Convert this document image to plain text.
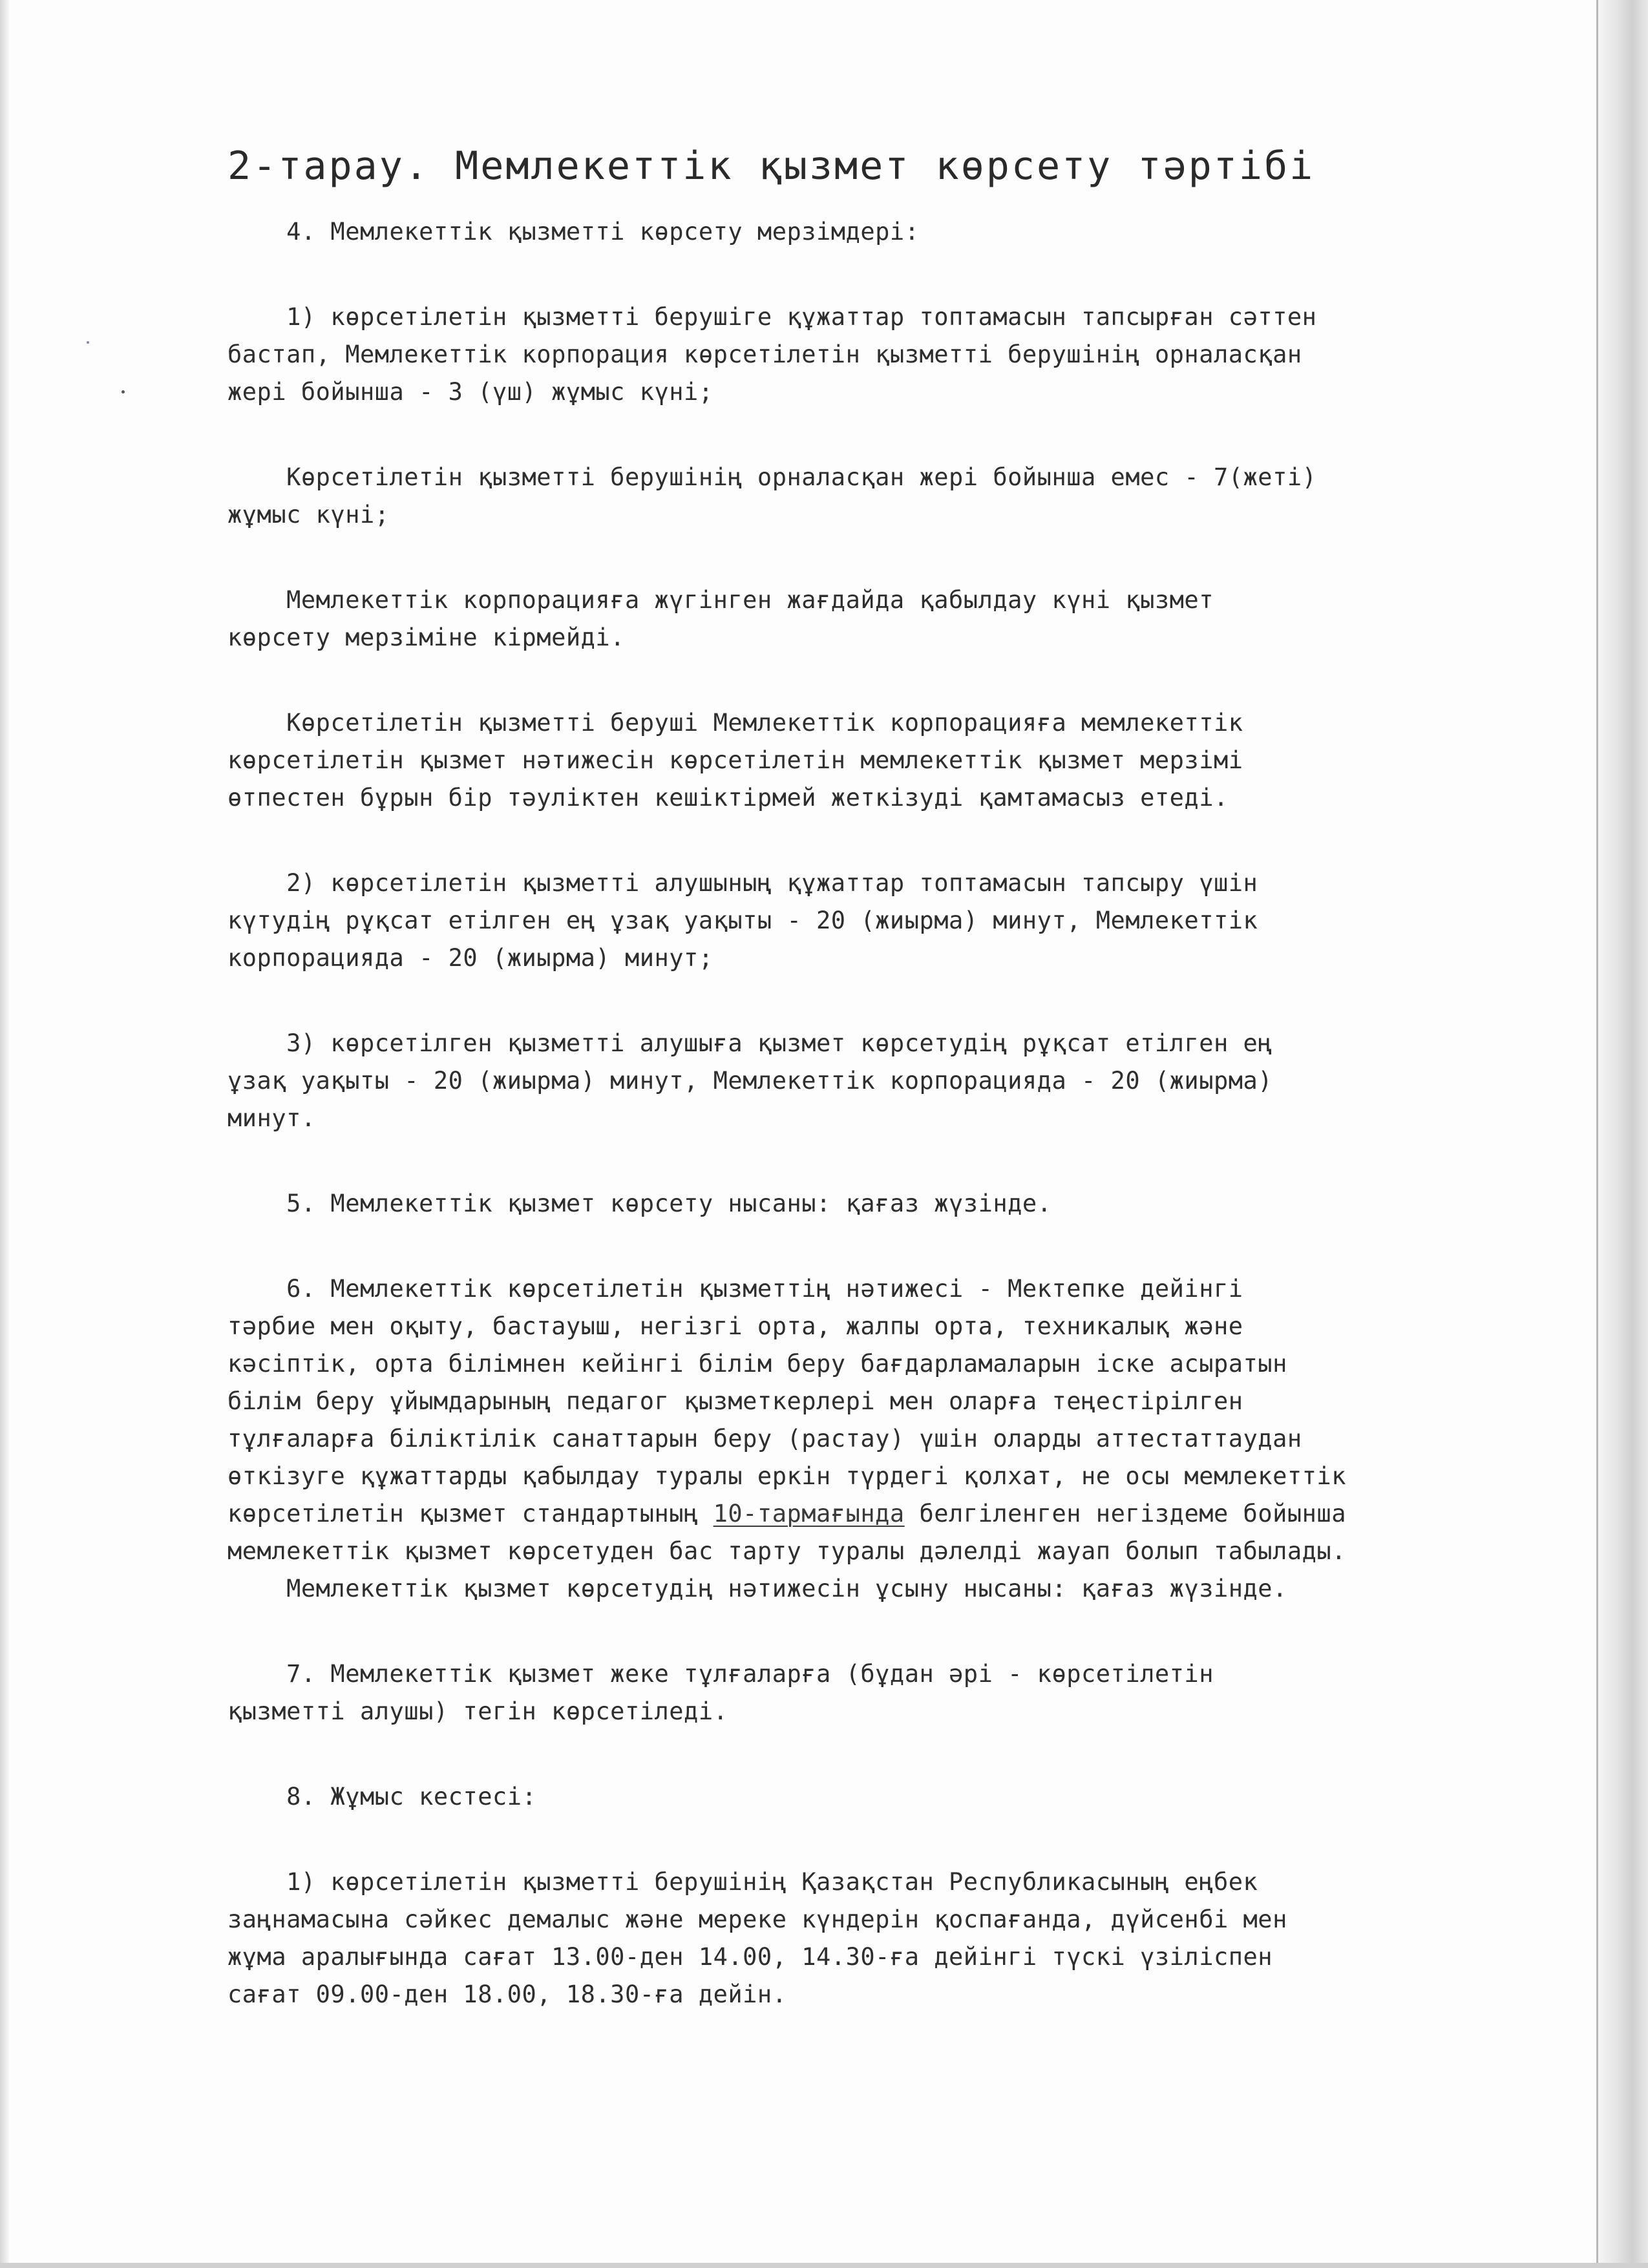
2-тарау. Мемлекеттік қызмет көрсету тәртібі
4. Мемлекеттік қызметті көрсету мерзімдері:
1) көрсетілетін қызметті берушіге құжаттар топтамасын тапсырған сәттен
бастап, Мемлекеттік корпорация көрсетілетін қызметті берушінің орналасқан
жері бойынша - 3 (үш) жұмыс күні;
Көрсетілетін қызметті берушінің орналасқан жері бойынша емес - 7(жеті)
жұмыс күні;
Мемлекеттік корпорацияға жүгінген жағдайда қабылдау күні қызмет
көрсету мерзіміне кірмейді.
Көрсетілетін қызметті беруші Мемлекеттік корпорацияға мемлекеттік
көрсетілетін қызмет нәтижесін көрсетілетін мемлекеттік қызмет мерзімі
өтпестен бұрын бір тәуліктен кешіктірмей жеткізуді қамтамасыз етеді.
2) көрсетілетін қызметті алушының құжаттар топтамасын тапсыру үшін
күтудің рұқсат етілген ең ұзақ уақыты - 20 (жиырма) минут, Мемлекеттік
корпорацияда - 20 (жиырма) минут;
3) көрсетілген қызметті алушыға қызмет көрсетудің рұқсат етілген ең
ұзақ уақыты - 20 (жиырма) минут, Мемлекеттік корпорацияда - 20 (жиырма)
минут.
5. Мемлекеттік қызмет көрсету нысаны: қағаз жүзінде.
6. Мемлекеттік көрсетілетін қызметтің нәтижесі - Мектепке дейінгі
тәрбие мен оқыту, бастауыш, негізгі орта, жалпы орта, техникалық және
кәсіптік, орта білімнен кейінгі білім беру бағдарламаларын іске асыратын
білім беру ұйымдарының педагог қызметкерлері мен оларға теңестірілген
тұлғаларға біліктілік санаттарын беру (растау) үшін оларды аттестаттаудан
өткізуге құжаттарды қабылдау туралы еркін түрдегі қолхат, не осы мемлекеттік
көрсетілетін қызмет стандартының 10-тармағында белгіленген негіздеме бойынша
мемлекеттік қызмет көрсетуден бас тарту туралы дәлелді жауап болып табылады.
Мемлекеттік қызмет көрсетудің нәтижесін ұсыну нысаны: қағаз жүзінде.
7. Мемлекеттік қызмет жеке тұлғаларға (бұдан әрі - көрсетілетін
қызметті алушы) тегін көрсетіледі.
8. Жұмыс кестесі:
1) көрсетілетін қызметті берушінің Қазақстан Республикасының еңбек
заңнамасына сәйкес демалыс және мереке күндерін қоспағанда, дүйсенбі мен
жұма аралығында сағат 13.00-ден 14.00, 14.30-ға дейінгі түскі үзіліспен
сағат 09.00-ден 18.00, 18.30-ға дейін.
